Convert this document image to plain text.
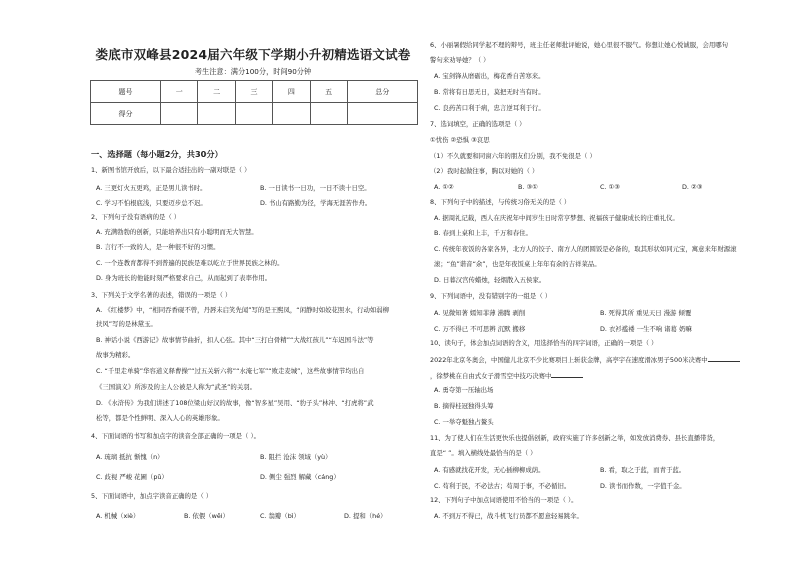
娄底市双峰县2024届六年级下学期小升初精选语文试卷
考生注意：满分100分，时间90分钟
题号	一	二	三	四	五	总分
得分						
一、选择题（每小题2分，共30分）
1、新图书馆开放后，以下最合适挂出的一副对联是（ ）
A. 三更灯火五更鸡，正是男儿读书时。	B. 一日读书一日功，一日不读十日空。
C. 学习不怕根底浅，只要迈步总不迟。	D. 书山有路勤为径，学海无涯苦作舟。
2、下列句子没有语病的是（ ）
A. 充满勃勃的创新，只能培养出只有小聪明而无大智慧。
B. 言行不一致的人，是一种很不好的习惯。
C. 一个连教育都得不到普遍的民族是难以屹立于世界民族之林的。
D. 身为班长的他能时刻严格要求自己，从而起到了表率作用。
3、下列关于文学名著的表述，错误的一项是（ ）
A. 《红楼梦》中，“相同吞香砚不曾，丹唇未启笑先闻”写的是王熙凤，“闲静时如姣花照水，行动如弱柳
扶风”写的是林黛玉。
B. 神话小说《西游记》故事情节曲折，扣人心弦。其中“三打白骨精”“大战红孩儿”“车迟国斗法”等
故事为精彩。
C. “千里走单骑”华容道义释曹操”“过五关斩六将”“水淹七军”“败走麦城”，这些故事情节均出自
《三国演义》所涉及的主人公被是人称为“武圣”的关羽。
D. 《水浒传》为我们讲述了108位梁山好汉的故事，像“智多星”吴用、“豹子头”林冲、“打虎将”武
松等，都是个性鲜明、深入人心的英雄形象。
4、下面词语的书写和加点字的读音全部正确的一项是（ ）。
A. 琉璃 抵抗 惭愧（n）	B. 阻拦 沧沫 领域（yù）
C. 歧视 严峻 花圃（pǔ）	D. 侧尘 强烈 解藏（cáng）
5、下面词语中，加点字读音正确的是（ ）
A. 机械（xiè）	B. 依偎（wēi）	C. 翁瓣（bì）	D. 提和（hé）
6、小丽暑假给同学起不理的辩号，班主任老师批评她说，她心里很不服气。你想让她心悦诚服，会用哪句
警句来劝导她？（ ）
A. 宝剑锋从磨砺出，梅花香自苦寒来。
B. 常将有日思无日，莫把无时当有时。
C. 良药苦口利于病，忠言逆耳利于行。
7、选词填空，正确的选项是（ ）
①忧伤 ②恐惧 ③哀思
（1）不久就要和同窗六年的朋友们分别，我不免很是（ ）
（2）我时起做往事，胸以对她的（ ）
A. ①②	B. ③①	C. ①③	D. ②③
8、下列句子中的描述，与传统习俗无关的是（ ）
A. 据周礼记载，西人在庆祝年中间岁生日时常亨梦想、祝福孩子健康成长的庄重礼仪。
B. 春到上桌和上丰，千万和春住。
C. 传统年夜饭的各家各异，北方人的饺子、南方人的团圆饭是必备的，取其形状如同元宝，寓意来年财源滚
滚；“鱼”谐音“余”，也是年夜饭桌上年年有余的吉祥菜品。
D. 日暮汉宫传蜡烛，轻烟散入五侯家。
9、下列词语中，没有错别字的一组是（ ）
A. 见微知著 嫣知菲薄 沸腾 剥削	B. 死得其所 重见天日 漫游 倾覆
C. 万不得已 不可思辨 沉默 搬移	D. 衣衫褴褛 一生不响 诸葛 奶嘛
10、读句子，体会加点词语的含义，用选择恰当的四字词语，正确的一项是（ ）
2022年北京冬奥会，中国健儿北京不少比赛项目上斩获金牌，高亭宇在速度滑冰男子500米决赛中
，徐梦桃在自由式女子滑雪空中技巧决赛中
A. 勇夺第一压轴出场
B. 摘得桂冠独得头筹
C. 一举夺魁独占鳌头
11、为了使人们在生活更快乐也提倡创新，政府实施了许多创新之举，如发放消费券、县长直播带货，
直是“ ”。填入横线处最恰当的是（ ）
A. 有感就找花开发，无心插柳柳成荫。	B. 看，取之于蓝，而青于蓝。
C. 苟利于民，不必法古；苟周于事，不必循旧。	D. 读书而作数，一字值千金。
12、下列句子中加点词语使用不恰当的一项是（ ）。
A. 不到万不得已，战斗机飞行员都不愿意轻易跳伞。
